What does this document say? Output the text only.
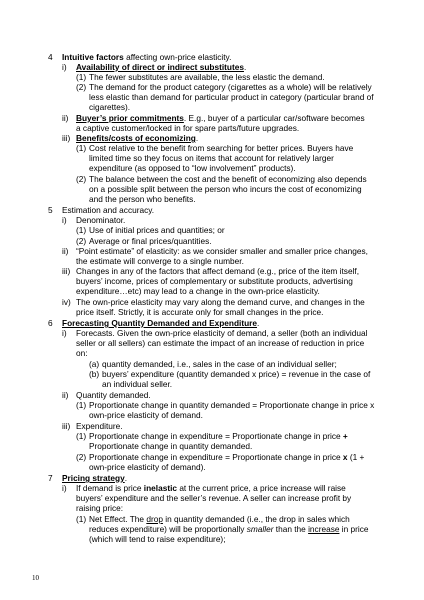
4 Intuitive factors affecting own-price elasticity.
i) Availability of direct or indirect substitutes.
(1) The fewer substitutes are available, the less elastic the demand.
(2) The demand for the product category (cigarettes as a whole) will be relatively
less elastic than demand for particular product in category (particular brand of
cigarettes).
ii) Buyer’s prior commitments. E.g., buyer of a particular car/software becomes
a captive customer/locked in for spare parts/future upgrades.
iii) Benefits/costs of economizing.
(1) Cost relative to the benefit from searching for better prices. Buyers have
limited time so they focus on items that account for relatively larger
expenditure (as opposed to “low involvement” products).
(2) The balance between the cost and the benefit of economizing also depends
on a possible split between the person who incurs the cost of economizing
and the person who benefits.
5 Estimation and accuracy.
i) Denominator.
(1) Use of initial prices and quantities; or
(2) Average or final prices/quantities.
ii) “Point estimate” of elasticity: as we consider smaller and smaller price changes,
the estimate will converge to a single number.
iii) Changes in any of the factors that affect demand (e.g., price of the item itself,
buyers’ income, prices of complementary or substitute products, advertising
expenditure…etc) may lead to a change in the own-price elasticity.
iv) The own-price elasticity may vary along the demand curve, and changes in the
price itself. Strictly, it is accurate only for small changes in the price.
6 Forecasting Quantity Demanded and Expenditure.
i) Forecasts. Given the own-price elasticity of demand, a seller (both an individual
seller or all sellers) can estimate the impact of an increase of reduction in price
on:
(a) quantity demanded, i.e., sales in the case of an individual seller;
(b) buyers’ expenditure (quantity demanded x price) = revenue in the case of
an individual seller.
ii) Quantity demanded.
(1) Proportionate change in quantity demanded = Proportionate change in price x
own-price elasticity of demand.
iii) Expenditure.
(1) Proportionate change in expenditure = Proportionate change in price +
Proportionate change in quantity demanded.
(2) Proportionate change in expenditure = Proportionate change in price x (1 +
own-price elasticity of demand).
7 Pricing strategy.
i) If demand is price inelastic at the current price, a price increase will raise
buyers’ expenditure and the seller’s revenue. A seller can increase profit by
raising price:
(1) Net Effect. The drop in quantity demanded (i.e., the drop in sales which
reduces expenditure) will be proportionally smaller than the increase in price
(which will tend to raise expenditure);
10
